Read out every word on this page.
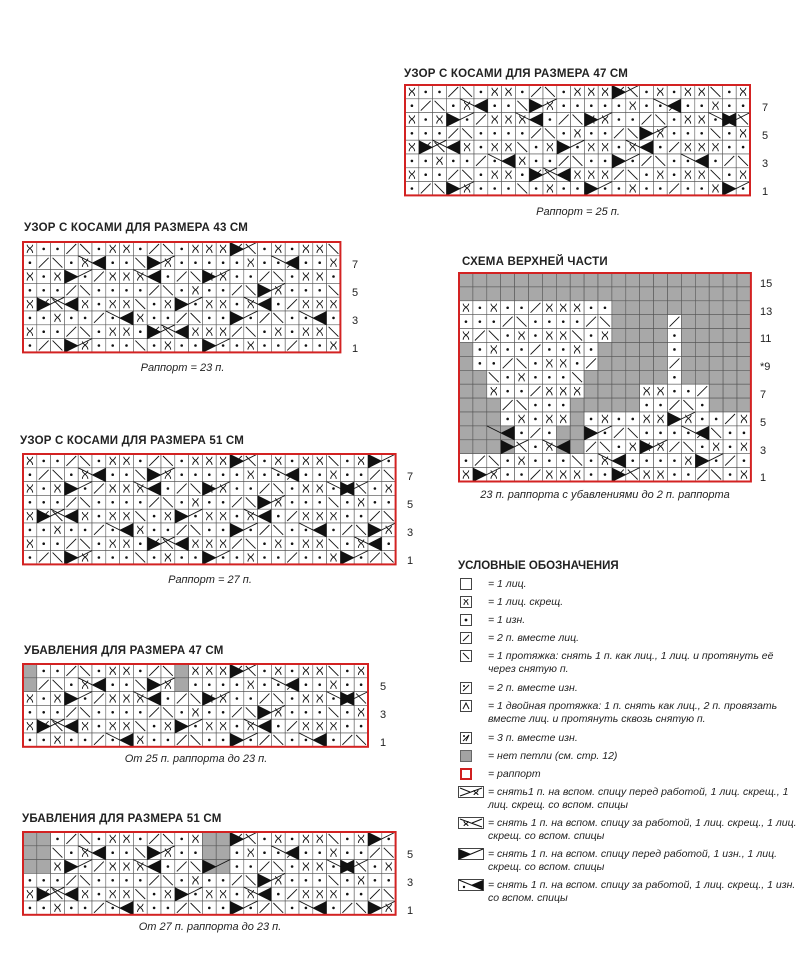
УЗОР С КОСАМИ ДЛЯ РАЗМЕРА 47 СМ
7
5
3
1
Раппорт = 25 п.
УЗОР С КОСАМИ ДЛЯ РАЗМЕРА 43 СМ
7
5
3
1
Раппорт = 23 п.
СХЕМА ВЕРХНЕЙ ЧАСТИ
15
13
11
*9
7
5
3
1
23 п. раппорта с убавлениями до 2 п. раппорта
УЗОР С КОСАМИ ДЛЯ РАЗМЕРА 51 СМ
7
5
3
1
Раппорт = 27 п.
УБАВЛЕНИЯ ДЛЯ РАЗМЕРА 47 СМ
5
3
1
От 25 п. раппорта до 23 п.
УБАВЛЕНИЯ ДЛЯ РАЗМЕРА 51 СМ
5
3
1
От 27 п. раппорта до 23 п.
УСЛОВНЫЕ ОБОЗНАЧЕНИЯ
= 1 лиц.
= 1 лиц. скрещ.
= 1 изн.
= 2 п. вместе лиц.
= 1 протяжка: снять 1 п. как лиц., 1 лиц. и протянуть её через снятую п.
= 2 п. вместе изн.
= 1 двойная протяжка: 1 п. снять как лиц., 2 п. провязать вместе лиц. и протянуть сквозь снятую п.
= 3 п. вместе изн.
= нет петли (см. стр. 12)
= раппорт
= снять1 п. на вспом. спицу перед работой, 1 лиц. скрещ., 1 лиц. скрещ. со вспом. спицы
= снять 1 п. на вспом. спицу за работой, 1 лиц. скрещ., 1 лиц. скрещ. со вспом. спицы
= снять 1 п. на вспом. спицу перед работой, 1 изн., 1 лиц. скрещ. со вспом. спицы
= снять 1 п. на вспом. спицу за работой, 1 лиц. скрещ., 1 изн. со вспом. спицы
